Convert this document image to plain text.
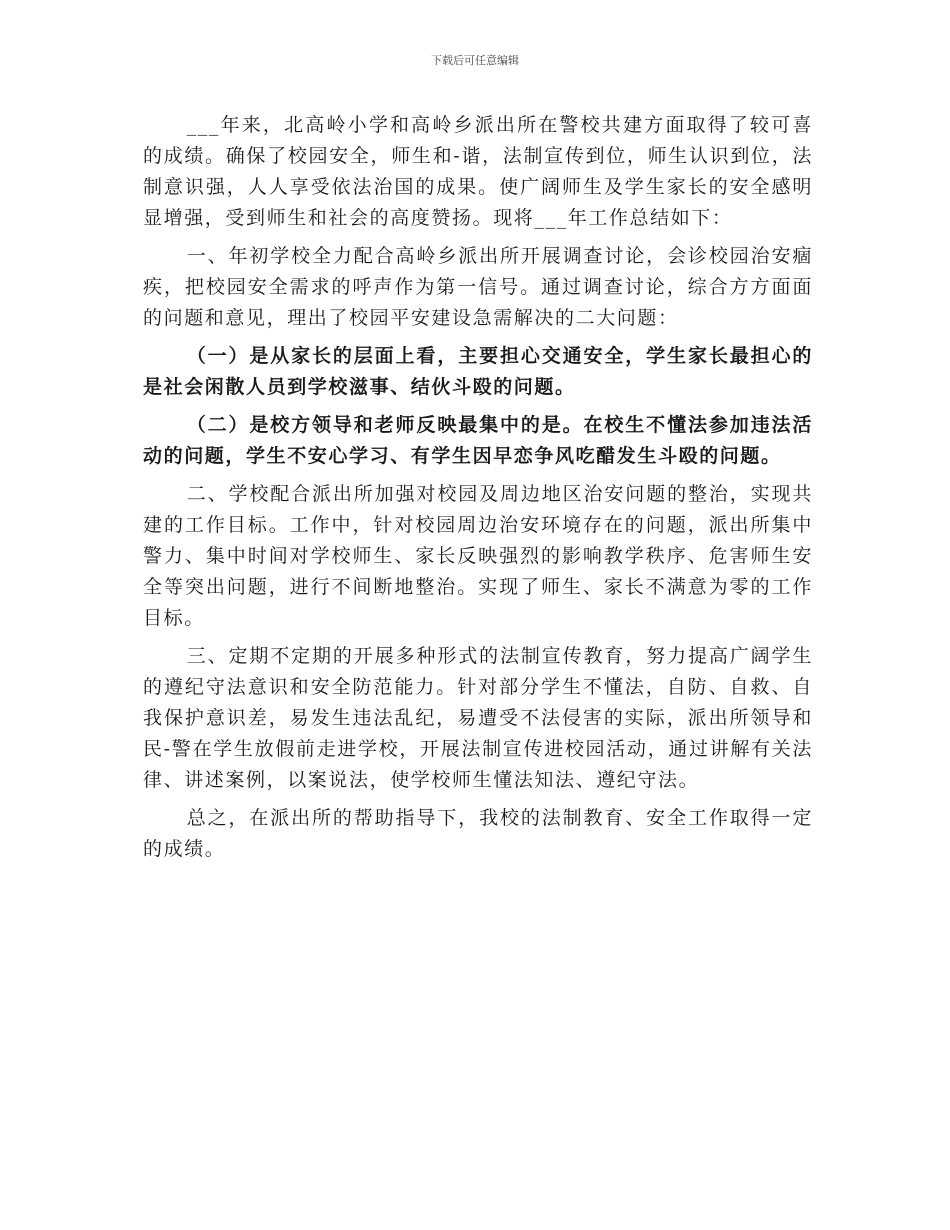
下载后可任意编辑

___年来，北高岭小学和高岭乡派出所在警校共建方面取得了较可喜的成绩。确保了校园安全，师生和-谐，法制宣传到位，师生认识到位，法制意识强，人人享受依法治国的成果。使广阔师生及学生家长的安全感明显增强，受到师生和社会的高度赞扬。现将___年工作总结如下：

一、年初学校全力配合高岭乡派出所开展调查讨论，会诊校园治安痼疾，把校园安全需求的呼声作为第一信号。通过调查讨论，综合方方面面的问题和意见，理出了校园平安建设急需解决的二大问题：

（一）是从家长的层面上看，主要担心交通安全，学生家长最担心的是社会闲散人员到学校滋事、结伙斗殴的问题。

（二）是校方领导和老师反映最集中的是。在校生不懂法参加违法活动的问题，学生不安心学习、有学生因早恋争风吃醋发生斗殴的问题。

二、学校配合派出所加强对校园及周边地区治安问题的整治，实现共建的工作目标。工作中，针对校园周边治安环境存在的问题，派出所集中警力、集中时间对学校师生、家长反映强烈的影响教学秩序、危害师生安全等突出问题，进行不间断地整治。实现了师生、家长不满意为零的工作目标。

三、定期不定期的开展多种形式的法制宣传教育，努力提高广阔学生的遵纪守法意识和安全防范能力。针对部分学生不懂法，自防、自救、自我保护意识差，易发生违法乱纪，易遭受不法侵害的实际，派出所领导和民-警在学生放假前走进学校，开展法制宣传进校园活动，通过讲解有关法律、讲述案例，以案说法，使学校师生懂法知法、遵纪守法。

总之，在派出所的帮助指导下，我校的法制教育、安全工作取得一定的成绩。
